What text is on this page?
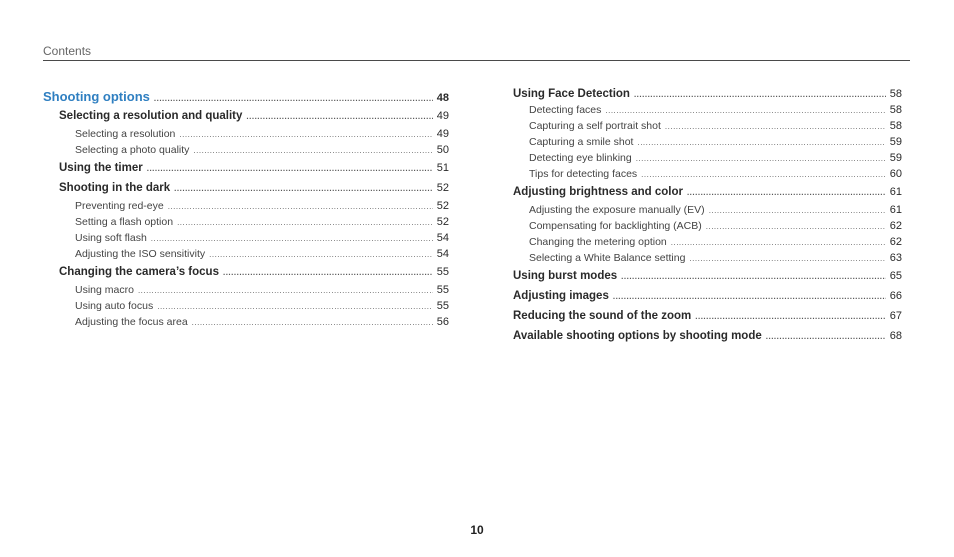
Contents
Shooting options .....	48
Selecting a resolution and quality .....	49
Selecting a resolution .....	49
Selecting a photo quality .....	50
Using the timer .....	51
Shooting in the dark .....	52
Preventing red-eye .....	52
Setting a flash option .....	52
Using soft flash .....	54
Adjusting the ISO sensitivity .....	54
Changing the camera’s focus .....	55
Using macro .....	55
Using auto focus .....	55
Adjusting the focus area .....	56
Using Face Detection .....	58
Detecting faces .....	58
Capturing a self portrait shot .....	58
Capturing a smile shot .....	59
Detecting eye blinking .....	59
Tips for detecting faces .....	60
Adjusting brightness and color .....	61
Adjusting the exposure manually (EV) .....	61
Compensating for backlighting (ACB) .....	62
Changing the metering option .....	62
Selecting a White Balance setting .....	63
Using burst modes .....	65
Adjusting images .....	66
Reducing the sound of the zoom .....	67
Available shooting options by shooting mode .....	68
10
